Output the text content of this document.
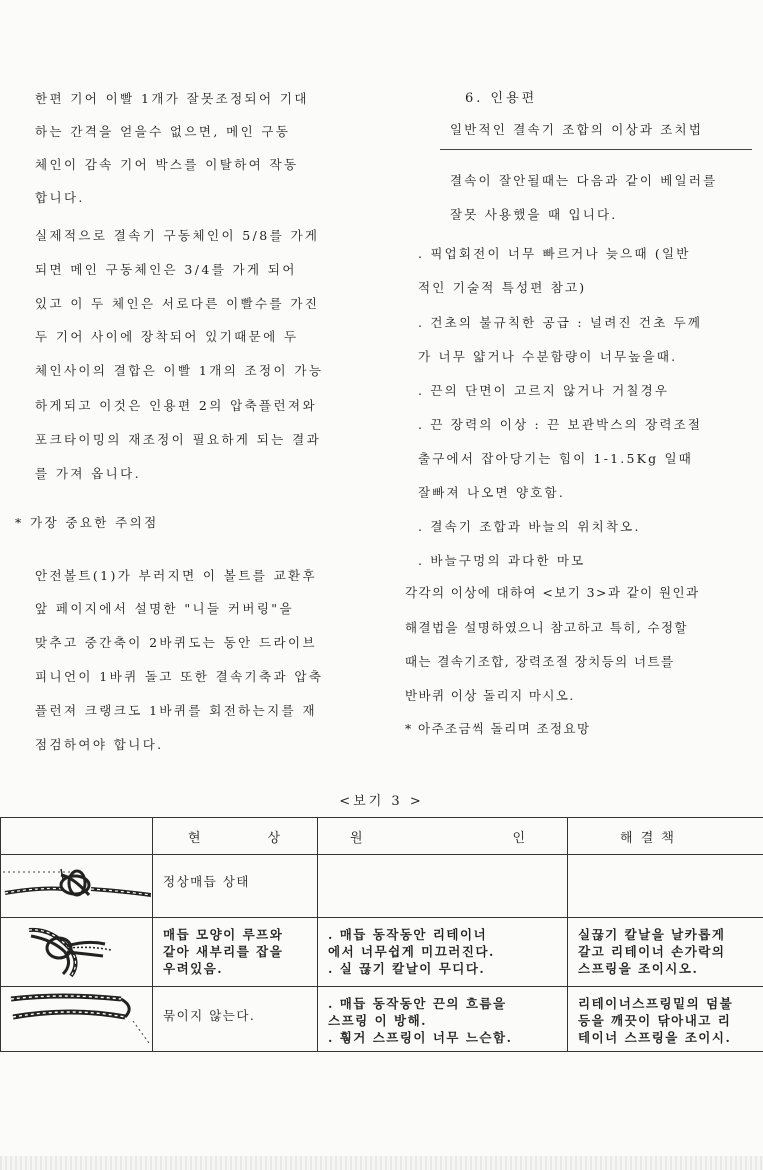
한편 기어 이빨 1개가 잘못조정되어 기대
하는 간격을 얻을수 없으면, 메인 구동
체인이 감속 기어 박스를 이탈하여 작동
합니다.
실제적으로 결속기 구동체인이 5/8를 가게
되면 메인 구동체인은 3/4를 가게 되어
있고 이 두 체인은 서로다른 이빨수를 가진
두 기어 사이에 장착되어 있기때문에 두
체인사이의 결합은 이빨 1개의 조정이 가능
하게되고 이것은 인용편 2의 압축플런져와
포크타이밍의 재조정이 필요하게 되는 결과
를 가져 옵니다.
* 가장 중요한 주의점
안전볼트(1)가 부러지면 이 볼트를 교환후
앞 페이지에서 설명한 "니들 커버링"을
맞추고 중간축이 2바퀴도는 동안 드라이브
피니언이 1바퀴 돌고 또한 결속기축과 압축
플런져 크랭크도 1바퀴를 회전하는지를 재
점검하여야 합니다.
6. 인용편
일반적인 결속기 조합의 이상과 조치법
결속이 잘안될때는 다음과 같이 베일러를
잘못 사용했을 때 입니다.
. 픽업회전이 너무 빠르거나 늦으때 (일반
적인 기술적 특성편 참고)
. 건초의 불규칙한 공급 : 널려진 건초 두께
가 너무 얇거나 수분함량이 너무높을때.
. 끈의 단면이 고르지 않거나 거칠경우
. 끈 장력의 이상 : 끈 보관박스의 장력조절
출구에서 잡아당기는 힘이 1-1.5Kg 일때
잘빠져 나오면 양호함.
. 결속기 조합과 바늘의 위치착오.
. 바늘구멍의 과다한 마모
각각의 이상에 대하여 <보기 3>과 같이 원인과
해결법을 설명하였으니 참고하고 특히, 수정할
때는 결속기조합, 장력조절 장치등의 너트를
반바퀴 이상 돌리지 마시오.
* 아주조금씩 돌리며 조정요망
<보기 3 >

	현 상	원 인	해 결 책

정상매듭 상태		

매듭 모양이 루프와
같아 새부리를 잡을
우려있음.	. 매듭 동작동안 리테이너
에서 너무쉽게 미끄러진다.
. 실 끊기 칼날이 무디다.	실끊기 칼날을 날카롭게
갈고 리테이너 손가락의
스프링을 조이시오.

묶이지 않는다.	. 매듭 동작동안 끈의 흐름을
스프링 이 방해.
. 훵거 스프링이 너무 느슨함.	리테이너스프링밑의 덤불
등을 깨끗이 닦아내고 리
테이너 스프링을 조이시.
